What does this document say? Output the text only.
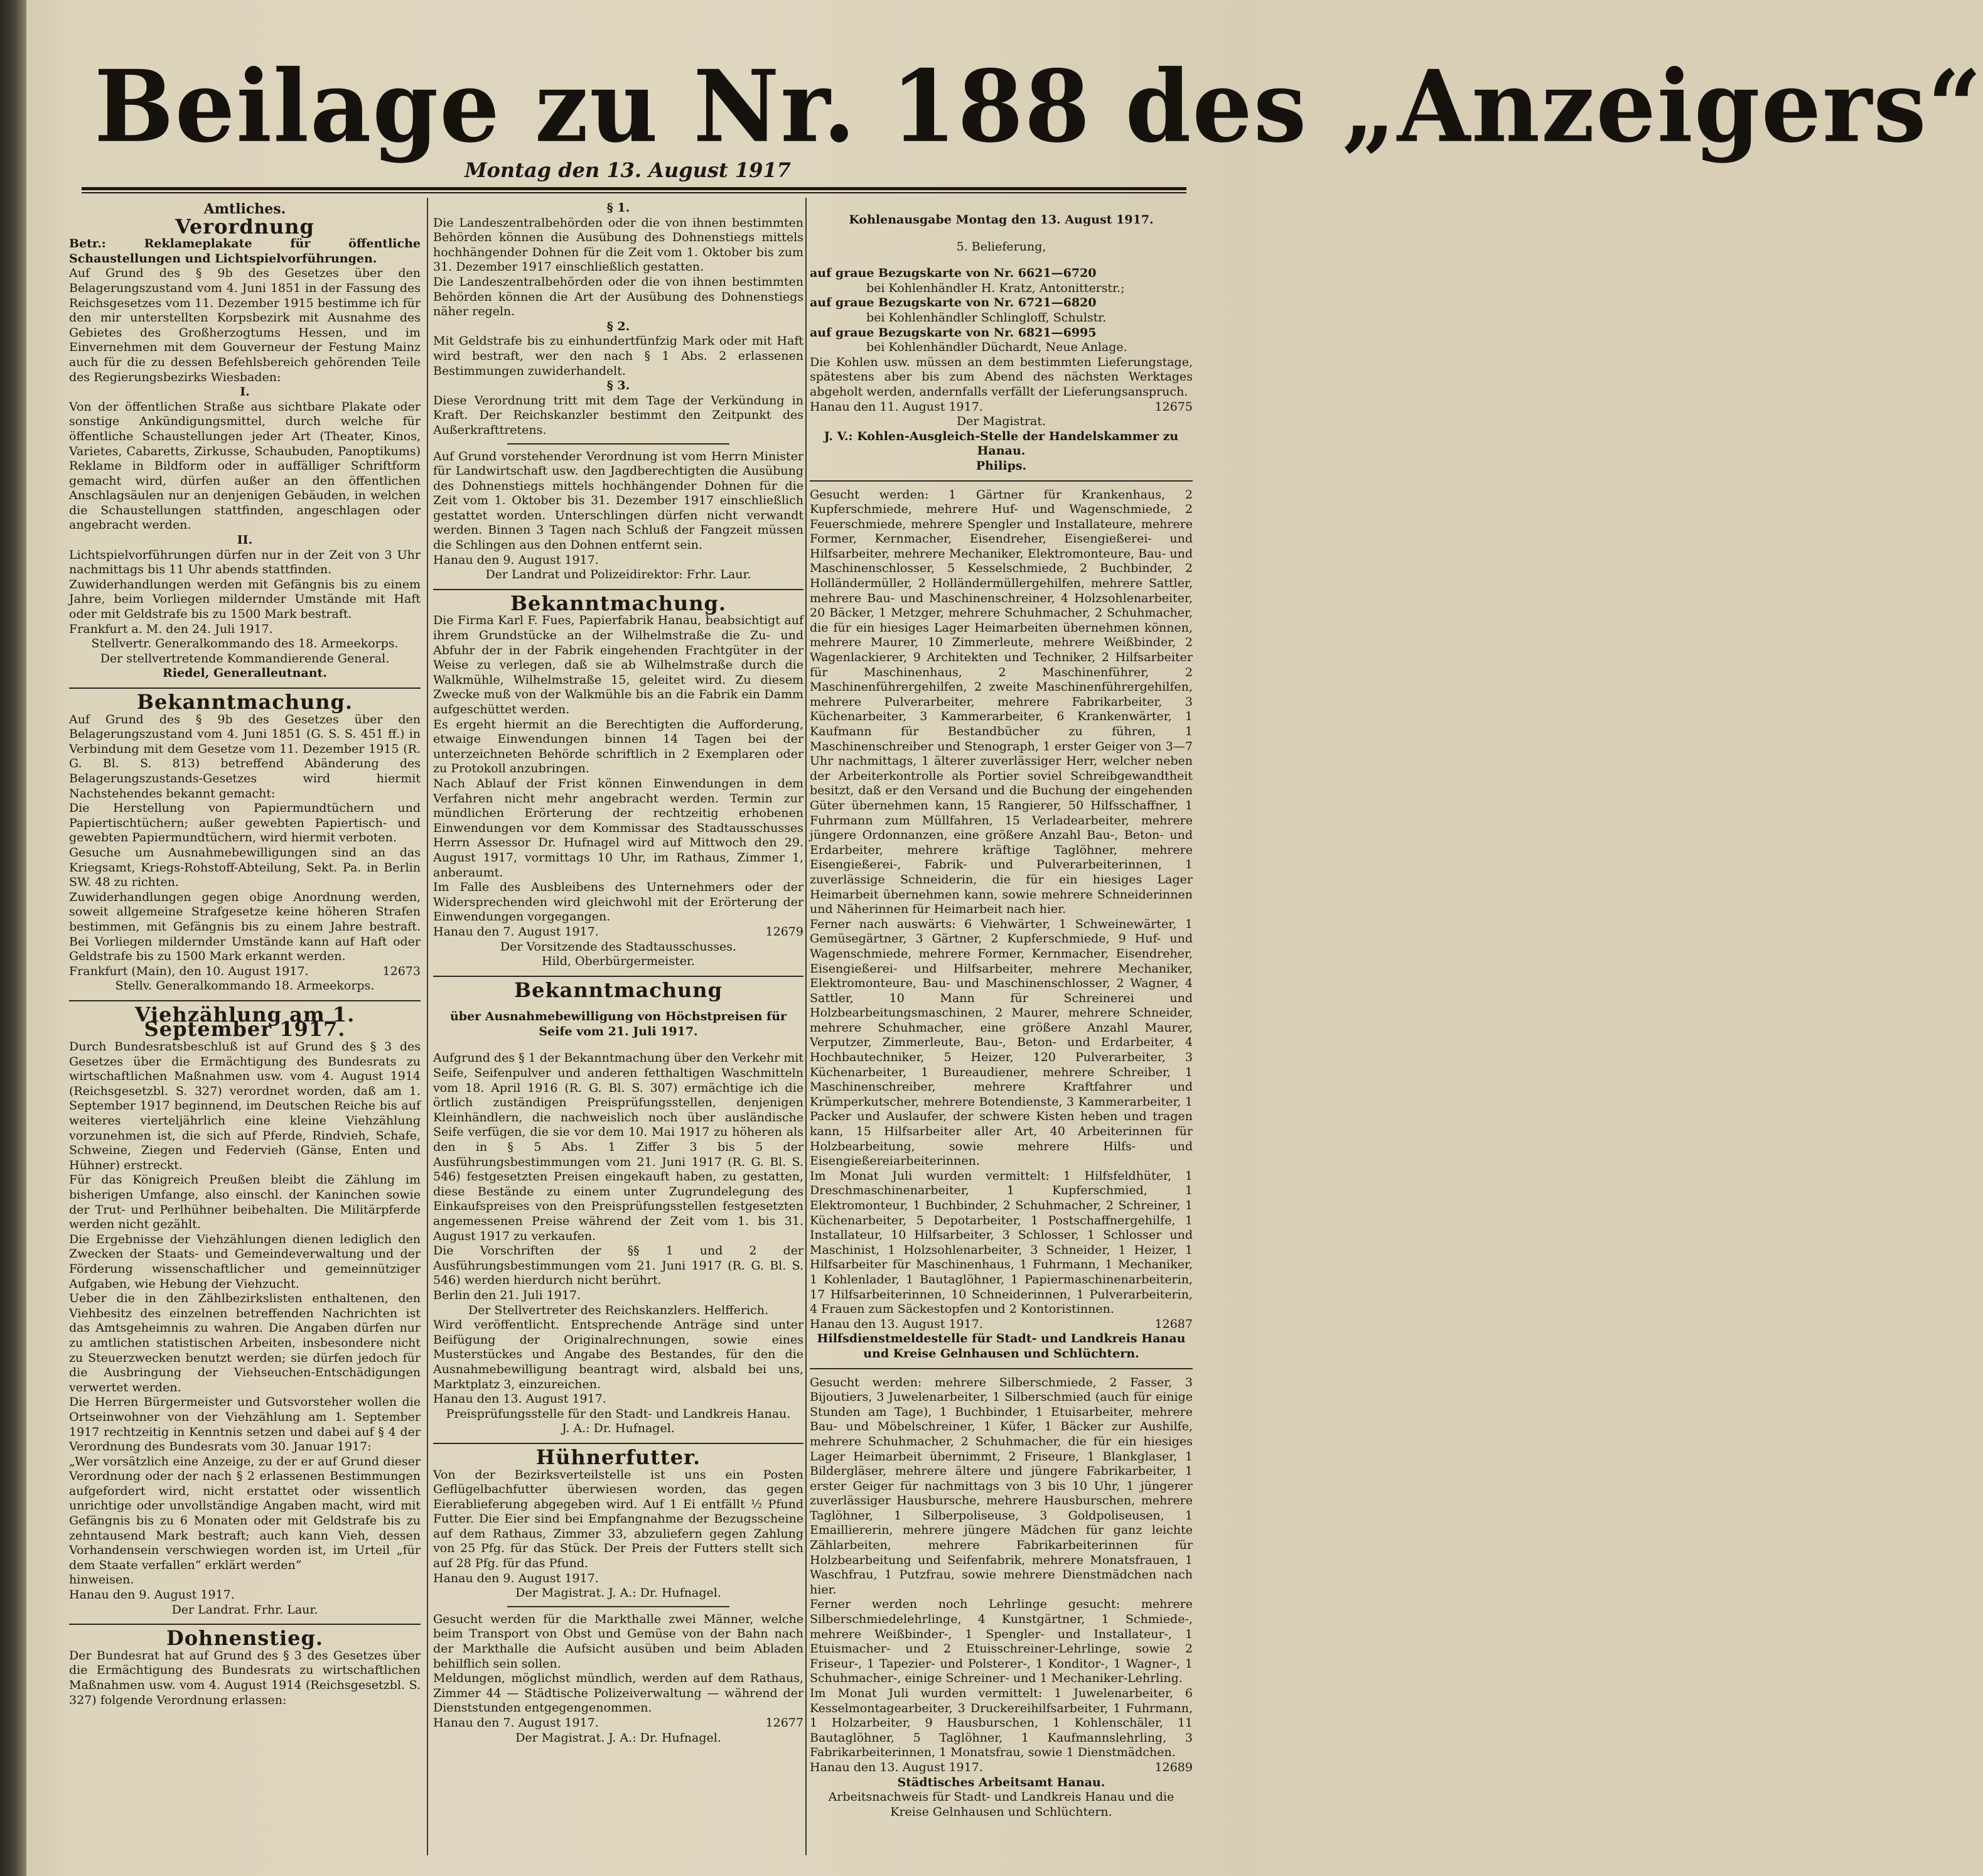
Beilage zu Nr. 188 des „Anzeigers“
Montag den 13. August 1917
Amtliches.
Verordnung

Betr.: Reklameplakate für öffentliche Schaustellungen und Lichtspielvorführungen.

Auf Grund des § 9b des Gesetzes über den Belagerungszustand vom 4. Juni 1851 in der Fassung des Reichsgesetzes vom 11. Dezember 1915 bestimme ich für den mir unterstellten Korpsbezirk mit Ausnahme des Gebietes des Großherzogtums Hessen, und im Einvernehmen mit dem Gouverneur der Festung Mainz auch für die zu dessen Befehlsbereich gehörenden Teile des Regierungsbezirks Wiesbaden:

I.

Von der öffentlichen Straße aus sichtbare Plakate oder sonstige Ankündigungsmittel, durch welche für öffentliche Schaustellungen jeder Art (Theater, Kinos, Varietes, Cabaretts, Zirkusse, Schaubuden, Panoptikums) Reklame in Bildform oder in auffälliger Schriftform gemacht wird, dürfen außer an den öffentlichen Anschlagsäulen nur an denjenigen Gebäuden, in welchen die Schaustellungen stattfinden, angeschlagen oder angebracht werden.

II.

Lichtspielvorführungen dürfen nur in der Zeit von 3 Uhr nachmittags bis 11 Uhr abends stattfinden.

Zuwiderhandlungen werden mit Gefängnis bis zu einem Jahre, beim Vorliegen mildernder Umstände mit Haft oder mit Geldstrafe bis zu 1500 Mark bestraft.

Frankfurt a. M. den 24. Juli 1917.

Stellvertr. Generalkommando des 18. Armeekorps.

Der stellvertretende Kommandierende General.

Riedel, Generalleutnant.

Bekanntmachung.

Auf Grund des § 9b des Gesetzes über den Belagerungszustand vom 4. Juni 1851 (G. S. S. 451 ff.) in Verbindung mit dem Gesetze vom 11. Dezember 1915 (R. G. Bl. S. 813) betreffend Abänderung des Belagerungszustands-Gesetzes wird hiermit Nachstehendes bekannt gemacht:

Die Herstellung von Papiermundtüchern und Papiertischtüchern; außer gewebten Papiertisch- und gewebten Papiermundtüchern, wird hiermit verboten.

Gesuche um Ausnahmebewilligungen sind an das Kriegsamt, Kriegs-Rohstoff-Abteilung, Sekt. Pa. in Berlin SW. 48 zu richten.

Zuwiderhandlungen gegen obige Anordnung werden, soweit allgemeine Strafgesetze keine höheren Strafen bestimmen, mit Gefängnis bis zu einem Jahre bestraft. Bei Vorliegen mildernder Umstände kann auf Haft oder Geldstrafe bis zu 1500 Mark erkannt werden.

Frankfurt (Main), den 10. August 1917.	12673

Stellv. Generalkommando 18. Armeekorps.

Viehzählung am 1. September 1917.

Durch Bundesratsbeschluß ist auf Grund des § 3 des Gesetzes über die Ermächtigung des Bundesrats zu wirtschaftlichen Maßnahmen usw. vom 4. August 1914 (Reichsgesetzbl. S. 327) verordnet worden, daß am 1. September 1917 beginnend, im Deutschen Reiche bis auf weiteres vierteljährlich eine kleine Viehzählung vorzunehmen ist, die sich auf Pferde, Rindvieh, Schafe, Schweine, Ziegen und Federvieh (Gänse, Enten und Hühner) erstreckt.

Für das Königreich Preußen bleibt die Zählung im bisherigen Umfange, also einschl. der Kaninchen sowie der Trut- und Perlhühner beibehalten. Die Militärpferde werden nicht gezählt.

Die Ergebnisse der Viehzählungen dienen lediglich den Zwecken der Staats- und Gemeindeverwaltung und der Förderung wissenschaftlicher und gemeinnütziger Aufgaben, wie Hebung der Viehzucht.

Ueber die in den Zählbezirkslisten enthaltenen, den Viehbesitz des einzelnen betreffenden Nachrichten ist das Amtsgeheimnis zu wahren. Die Angaben dürfen nur zu amtlichen statistischen Arbeiten, insbesondere nicht zu Steuerzwecken benutzt werden; sie dürfen jedoch für die Ausbringung der Viehseuchen-Entschädigungen verwertet werden.

Die Herren Bürgermeister und Gutsvorsteher wollen die Ortseinwohner von der Viehzählung am 1. September 1917 rechtzeitig in Kenntnis setzen und dabei auf § 4 der Verordnung des Bundesrats vom 30. Januar 1917:

„Wer vorsätzlich eine Anzeige, zu der er auf Grund dieser Verordnung oder der nach § 2 erlassenen Bestimmungen aufgefordert wird, nicht erstattet oder wissentlich unrichtige oder unvollständige Angaben macht, wird mit Gefängnis bis zu 6 Monaten oder mit Geldstrafe bis zu zehntausend Mark bestraft; auch kann Vieh, dessen Vorhandensein verschwiegen worden ist, im Urteil „für dem Staate verfallen“ erklärt werden“

hinweisen.

Hanau den 9. August 1917.

Der Landrat. Frhr. Laur.

Dohnenstieg.

Der Bundesrat hat auf Grund des § 3 des Gesetzes über die Ermächtigung des Bundesrats zu wirtschaftlichen Maßnahmen usw. vom 4. August 1914 (Reichsgesetzbl. S. 327) folgende Verordnung erlassen:

§ 1.

Die Landeszentralbehörden oder die von ihnen bestimmten Behörden können die Ausübung des Dohnenstiegs mittels hochhängender Dohnen für die Zeit vom 1. Oktober bis zum 31. Dezember 1917 einschließlich gestatten.

Die Landeszentralbehörden oder die von ihnen bestimmten Behörden können die Art der Ausübung des Dohnenstiegs näher regeln.

§ 2.

Mit Geldstrafe bis zu einhundertfünfzig Mark oder mit Haft wird bestraft, wer den nach § 1 Abs. 2 erlassenen Bestimmungen zuwiderhandelt.

§ 3.

Diese Verordnung tritt mit dem Tage der Verkündung in Kraft. Der Reichskanzler bestimmt den Zeitpunkt des Außerkrafttretens.

Auf Grund vorstehender Verordnung ist vom Herrn Minister für Landwirtschaft usw. den Jagdberechtigten die Ausübung des Dohnenstiegs mittels hochhängender Dohnen für die Zeit vom 1. Oktober bis 31. Dezember 1917 einschließlich gestattet worden. Unterschlingen dürfen nicht verwandt werden. Binnen 3 Tagen nach Schluß der Fangzeit müssen die Schlingen aus den Dohnen entfernt sein.

Hanau den 9. August 1917.

Der Landrat und Polizeidirektor: Frhr. Laur.

Bekanntmachung.

Die Firma Karl F. Fues, Papierfabrik Hanau, beabsichtigt auf ihrem Grundstücke an der Wilhelmstraße die Zu- und Abfuhr der in der Fabrik eingehenden Frachtgüter in der Weise zu verlegen, daß sie ab Wilhelmstraße durch die Walkmühle, Wilhelmstraße 15, geleitet wird. Zu diesem Zwecke muß von der Walkmühle bis an die Fabrik ein Damm aufgeschüttet werden.

Es ergeht hiermit an die Berechtigten die Aufforderung, etwaige Einwendungen binnen 14 Tagen bei der unterzeichneten Behörde schriftlich in 2 Exemplaren oder zu Protokoll anzubringen.

Nach Ablauf der Frist können Einwendungen in dem Verfahren nicht mehr angebracht werden. Termin zur mündlichen Erörterung der rechtzeitig erhobenen Einwendungen vor dem Kommissar des Stadtausschusses Herrn Assessor Dr. Hufnagel wird auf Mittwoch den 29. August 1917, vormittags 10 Uhr, im Rathaus, Zimmer 1, anberaumt.

Im Falle des Ausbleibens des Unternehmers oder der Widersprechenden wird gleichwohl mit der Erörterung der Einwendungen vorgegangen.

Hanau den 7. August 1917.	12679

Der Vorsitzende des Stadtausschusses.

Hild, Oberbürgermeister.

Bekanntmachung

über Ausnahmebewilligung von Höchstpreisen für Seife vom 21. Juli 1917.

Aufgrund des § 1 der Bekanntmachung über den Verkehr mit Seife, Seifenpulver und anderen fetthaltigen Waschmitteln vom 18. April 1916 (R. G. Bl. S. 307) ermächtige ich die örtlich zuständigen Preisprüfungsstellen, denjenigen Kleinhändlern, die nachweislich noch über ausländische Seife verfügen, die sie vor dem 10. Mai 1917 zu höheren als den in § 5 Abs. 1 Ziffer 3 bis 5 der Ausführungsbestimmungen vom 21. Juni 1917 (R. G. Bl. S. 546) festgesetzten Preisen eingekauft haben, zu gestatten, diese Bestände zu einem unter Zugrundelegung des Einkaufspreises von den Preisprüfungsstellen festgesetzten angemessenen Preise während der Zeit vom 1. bis 31. August 1917 zu verkaufen.

Die Vorschriften der §§ 1 und 2 der Ausführungsbestimmungen vom 21. Juni 1917 (R. G. Bl. S. 546) werden hierdurch nicht berührt.

Berlin den 21. Juli 1917.

Der Stellvertreter des Reichskanzlers. Helfferich.

Wird veröffentlicht. Entsprechende Anträge sind unter Beifügung der Originalrechnungen, sowie eines Musterstückes und Angabe des Bestandes, für den die Ausnahmebewilligung beantragt wird, alsbald bei uns, Marktplatz 3, einzureichen.

Hanau den 13. August 1917.

Preisprüfungsstelle für den Stadt- und Landkreis Hanau.

J. A.: Dr. Hufnagel.

Hühnerfutter.

Von der Bezirksverteilstelle ist uns ein Posten Geflügelbachfutter überwiesen worden, das gegen Eierablieferung abgegeben wird. Auf 1 Ei entfällt ½ Pfund Futter. Die Eier sind bei Empfangnahme der Bezugsscheine auf dem Rathaus, Zimmer 33, abzuliefern gegen Zahlung von 25 Pfg. für das Stück. Der Preis der Futters stellt sich auf 28 Pfg. für das Pfund.

Hanau den 9. August 1917.

Der Magistrat. J. A.: Dr. Hufnagel.

Gesucht werden für die Markthalle zwei Männer, welche beim Transport von Obst und Gemüse von der Bahn nach der Markthalle die Aufsicht ausüben und beim Abladen behilflich sein sollen.

Meldungen, möglichst mündlich, werden auf dem Rathaus, Zimmer 44 — Städtische Polizeiverwaltung — während der Dienststunden entgegengenommen.

Hanau den 7. August 1917.	12677

Der Magistrat. J. A.: Dr. Hufnagel.

Kohlenausgabe Montag den 13. August 1917.

5. Belieferung,

auf graue Bezugskarte von Nr. 6621—6720

bei Kohlenhändler H. Kratz, Antonitterstr.;

auf graue Bezugskarte von Nr. 6721—6820

bei Kohlenhändler Schlingloff, Schulstr.

auf graue Bezugskarte von Nr. 6821—6995

bei Kohlenhändler Düchardt, Neue Anlage.

Die Kohlen usw. müssen an dem bestimmten Lieferungstage, spätestens aber bis zum Abend des nächsten Werktages abgeholt werden, andernfalls verfällt der Lieferungsanspruch.

Hanau den 11. August 1917.	12675

Der Magistrat.

J. V.: Kohlen-Ausgleich-Stelle der Handelskammer zu Hanau.

Philips.

Gesucht werden: 1 Gärtner für Krankenhaus, 2 Kupferschmiede, mehrere Huf- und Wagenschmiede, 2 Feuerschmiede, mehrere Spengler und Installateure, mehrere Former, Kernmacher, Eisendreher, Eisengießerei- und Hilfsarbeiter, mehrere Mechaniker, Elektromonteure, Bau- und Maschinenschlosser, 5 Kesselschmiede, 2 Buchbinder, 2 Holländermüller, 2 Holländermüllergehilfen, mehrere Sattler, mehrere Bau- und Maschinenschreiner, 4 Holzsohlenarbeiter, 20 Bäcker, 1 Metzger, mehrere Schuhmacher, 2 Schuhmacher, die für ein hiesiges Lager Heimarbeiten übernehmen können, mehrere Maurer, 10 Zimmerleute, mehrere Weißbinder, 2 Wagenlackierer, 9 Architekten und Techniker, 2 Hilfsarbeiter für Maschinenhaus, 2 Maschinenführer, 2 Maschinenführergehilfen, 2 zweite Maschinenführergehilfen, mehrere Pulverarbeiter, mehrere Fabrikarbeiter, 3 Küchenarbeiter, 3 Kammerarbeiter, 6 Krankenwärter, 1 Kaufmann für Bestandbücher zu führen, 1 Maschinenschreiber und Stenograph, 1 erster Geiger von 3—7 Uhr nachmittags, 1 älterer zuverlässiger Herr, welcher neben der Arbeiterkontrolle als Portier soviel Schreibgewandtheit besitzt, daß er den Versand und die Buchung der eingehenden Güter übernehmen kann, 15 Rangierer, 50 Hilfsschaffner, 1 Fuhrmann zum Müllfahren, 15 Verladearbeiter, mehrere jüngere Ordonnanzen, eine größere Anzahl Bau-, Beton- und Erdarbeiter, mehrere kräftige Taglöhner, mehrere Eisengießerei-, Fabrik- und Pulverarbeiterinnen, 1 zuverlässige Schneiderin, die für ein hiesiges Lager Heimarbeit übernehmen kann, sowie mehrere Schneiderinnen und Näherinnen für Heimarbeit nach hier.

Ferner nach auswärts: 6 Viehwärter, 1 Schweinewärter, 1 Gemüsegärtner, 3 Gärtner, 2 Kupferschmiede, 9 Huf- und Wagenschmiede, mehrere Former, Kernmacher, Eisendreher, Eisengießerei- und Hilfsarbeiter, mehrere Mechaniker, Elektromonteure, Bau- und Maschinenschlosser, 2 Wagner, 4 Sattler, 10 Mann für Schreinerei und Holzbearbeitungsmaschinen, 2 Maurer, mehrere Schneider, mehrere Schuhmacher, eine größere Anzahl Maurer, Verputzer, Zimmerleute, Bau-, Beton- und Erdarbeiter, 4 Hochbautechniker, 5 Heizer, 120 Pulverarbeiter, 3 Küchenarbeiter, 1 Bureaudiener, mehrere Schreiber, 1 Maschinenschreiber, mehrere Kraftfahrer und Krümperkutscher, mehrere Botendienste, 3 Kammerarbeiter, 1 Packer und Auslaufer, der schwere Kisten heben und tragen kann, 15 Hilfsarbeiter aller Art, 40 Arbeiterinnen für Holzbearbeitung, sowie mehrere Hilfs- und Eisengießereiarbeiterinnen.

Im Monat Juli wurden vermittelt: 1 Hilfsfeldhüter, 1 Dreschmaschinenarbeiter, 1 Kupferschmied, 1 Elektromonteur, 1 Buchbinder, 2 Schuhmacher, 2 Schreiner, 1 Küchenarbeiter, 5 Depotarbeiter, 1 Postschaffnergehilfe, 1 Installateur, 10 Hilfsarbeiter, 3 Schlosser, 1 Schlosser und Maschinist, 1 Holzsohlenarbeiter, 3 Schneider, 1 Heizer, 1 Hilfsarbeiter für Maschinenhaus, 1 Fuhrmann, 1 Mechaniker, 1 Kohlenlader, 1 Bautaglöhner, 1 Papiermaschinenarbeiterin, 17 Hilfsarbeiterinnen, 10 Schneiderinnen, 1 Pulverarbeiterin, 4 Frauen zum Säckestopfen und 2 Kontoristinnen.

Hanau den 13. August 1917.	12687

Hilfsdienstmeldestelle für Stadt- und Landkreis Hanau und Kreise Gelnhausen und Schlüchtern.

Gesucht werden: mehrere Silberschmiede, 2 Fasser, 3 Bijoutiers, 3 Juwelenarbeiter, 1 Silberschmied (auch für einige Stunden am Tage), 1 Buchbinder, 1 Etuisarbeiter, mehrere Bau- und Möbelschreiner, 1 Küfer, 1 Bäcker zur Aushilfe, mehrere Schuhmacher, 2 Schuhmacher, die für ein hiesiges Lager Heimarbeit übernimmt, 2 Friseure, 1 Blankglaser, 1 Bildergläser, mehrere ältere und jüngere Fabrikarbeiter, 1 erster Geiger für nachmittags von 3 bis 10 Uhr, 1 jüngerer zuverlässiger Hausbursche, mehrere Hausburschen, mehrere Taglöhner, 1 Silberpoliseuse, 3 Goldpoliseusen, 1 Emailliererin, mehrere jüngere Mädchen für ganz leichte Zählarbeiten, mehrere Fabrikarbeiterinnen für Holzbearbeitung und Seifenfabrik, mehrere Monatsfrauen, 1 Waschfrau, 1 Putzfrau, sowie mehrere Dienstmädchen nach hier.

Ferner werden noch Lehrlinge gesucht: mehrere Silberschmiedelehrlinge, 4 Kunstgärtner, 1 Schmiede-, mehrere Weißbinder-, 1 Spengler- und Installateur-, 1 Etuismacher- und 2 Etuisschreiner-Lehrlinge, sowie 2 Friseur-, 1 Tapezier- und Polsterer-, 1 Konditor-, 1 Wagner-, 1 Schuhmacher-, einige Schreiner- und 1 Mechaniker-Lehrling.

Im Monat Juli wurden vermittelt: 1 Juwelenarbeiter, 6 Kesselmontagearbeiter, 3 Druckereihilfsarbeiter, 1 Fuhrmann, 1 Holzarbeiter, 9 Hausburschen, 1 Kohlenschäler, 11 Bautaglöhner, 5 Taglöhner, 1 Kaufmannslehrling, 3 Fabrikarbeiterinnen, 1 Monatsfrau, sowie 1 Dienstmädchen.

Hanau den 13. August 1917.	12689

Städtisches Arbeitsamt Hanau.

Arbeitsnachweis für Stadt- und Landkreis Hanau und die Kreise Gelnhausen und Schlüchtern.
